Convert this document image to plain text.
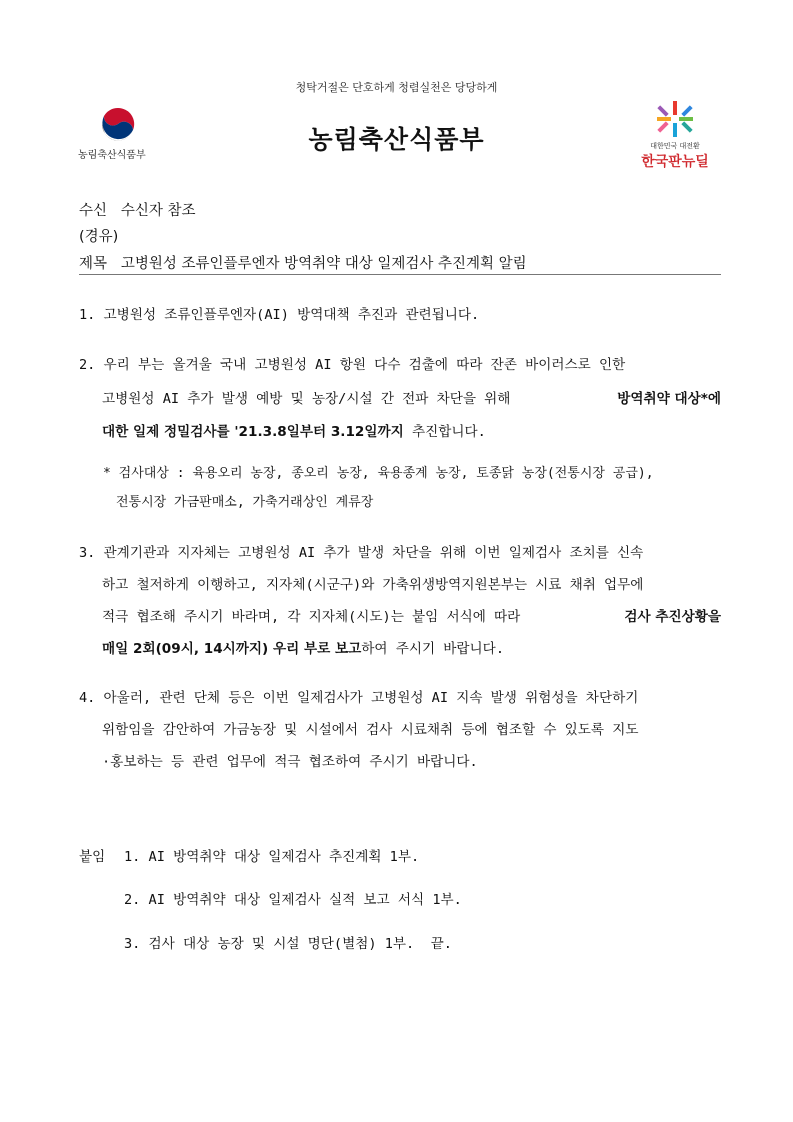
청탁거절은 단호하게 청렴실천은 당당하게
농림축산식품부
농림축산식품부	대한민국 대전환
한국판뉴딜
수신 수신자 참조
(경유)
제목 고병원성 조류인플루엔자 방역취약 대상 일제검사 추진계획 알림
1. 고병원성 조류인플루엔자(AI) 방역대책 추진과 관련됩니다.
2. 우리 부는 올겨울 국내 고병원성 AI 항원 다수 검출에 따라 잔존 바이러스로 인한
고병원성 AI 추가 발생 예방 및 농장/시설 간 전파 차단을 위해	방역취약 대상*에
대한 일제 정밀검사를 '21.3.8일부터 3.12일까지
추진합니다.
* 검사대상 : 육용오리 농장, 종오리 농장, 육용종계 농장, 토종닭 농장(전통시장 공급),
전통시장 가금판매소, 가축거래상인 계류장
3. 관계기관과 지자체는 고병원성 AI 추가 발생 차단을 위해 이번 일제검사 조치를 신속
하고 철저하게 이행하고, 지자체(시군구)와 가축위생방역지원본부는 시료 채취 업무에
적극 협조해 주시기 바라며, 각 지자체(시도)는 붙임 서식에 따라	검사 추진상황을
매일 2회(09시, 14시까지) 우리 부로 보고 하여 주시기 바랍니다.
4. 아울러, 관련 단체 등은 이번 일제검사가 고병원성 AI 지속 발생 위험성을 차단하기
위함임을 감안하여 가금농장 및 시설에서 검사 시료채취 등에 협조할 수 있도록 지도
·홍보하는 등 관련 업무에 적극 협조하여 주시기 바랍니다.
붙임 1. AI 방역취약 대상 일제검사 추진계획 1부.
2. AI 방역취약 대상 일제검사 실적 보고 서식 1부.
3. 검사 대상 농장 및 시설 명단(별첨) 1부.  끝.
